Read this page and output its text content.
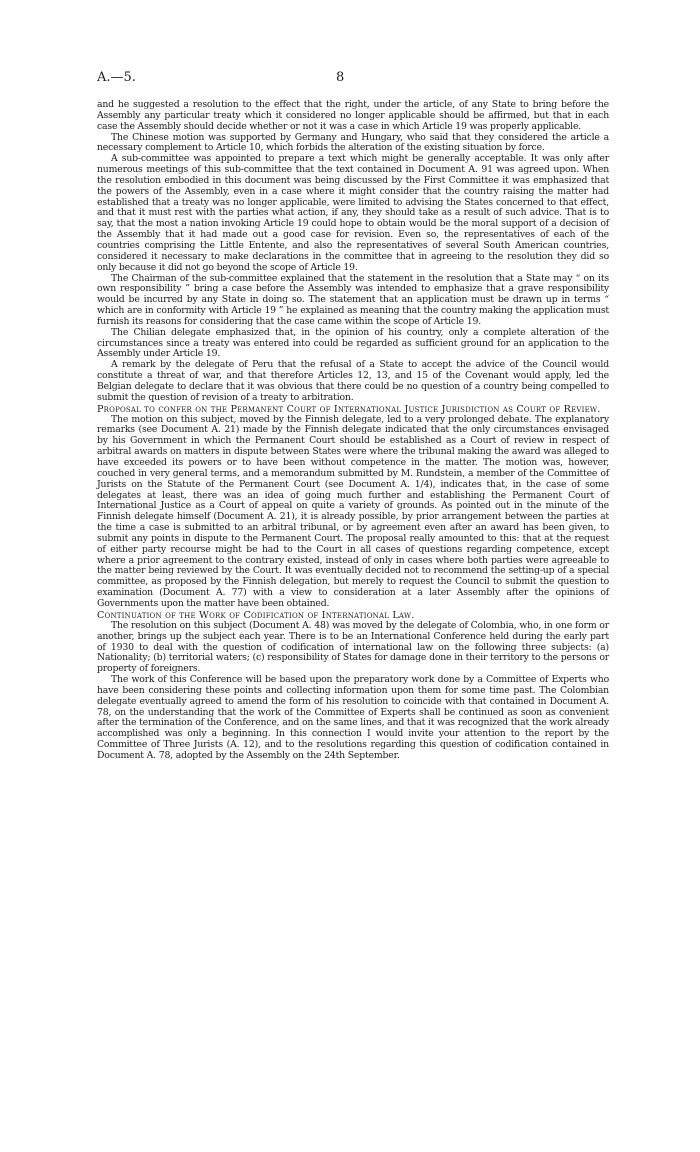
A.—5.	8

and he suggested a resolution to the effect that the right, under the article, of any State to bring before the Assembly any particular treaty which it considered no longer applicable should be affirmed, but that in each case the Assembly should decide whether or not it was a case in which Article 19 was properly applicable.

The Chinese motion was supported by Germany and Hungary, who said that they considered the article a necessary complement to Article 10, which forbids the alteration of the existing situation by force.

A sub-committee was appointed to prepare a text which might be generally acceptable. It was only after numerous meetings of this sub-committee that the text contained in Document A. 91 was agreed upon. When the resolution embodied in this document was being discussed by the First Committee it was emphasized that the powers of the Assembly, even in a case where it might consider that the country raising the matter had established that a treaty was no longer applicable, were limited to advising the States concerned to that effect, and that it must rest with the parties what action, if any, they should take as a result of such advice. That is to say, that the most a nation invoking Article 19 could hope to obtain would be the moral support of a decision of the Assembly that it had made out a good case for revision. Even so, the representatives of each of the countries comprising the Little Entente, and also the representatives of several South American countries, considered it necessary to make declarations in the committee that in agreeing to the resolution they did so only because it did not go beyond the scope of Article 19.

The Chairman of the sub-committee explained that the statement in the resolution that a State may “ on its own responsibility ” bring a case before the Assembly was intended to emphasize that a grave responsibility would be incurred by any State in doing so. The statement that an application must be drawn up in terms “ which are in conformity with Article 19 ” he explained as meaning that the country making the application must furnish its reasons for considering that the case came within the scope of Article 19.

The Chilian delegate emphasized that, in the opinion of his country, only a complete alteration of the circumstances since a treaty was entered into could be regarded as sufficient ground for an application to the Assembly under Article 19.

A remark by the delegate of Peru that the refusal of a State to accept the advice of the Council would constitute a threat of war, and that therefore Articles 12, 13, and 15 of the Covenant would apply, led the Belgian delegate to declare that it was obvious that there could be no question of a country being compelled to submit the question of revision of a treaty to arbitration.

Proposal to confer on the Permanent Court of International Justice Jurisdiction as Court of Review.

The motion on this subject, moved by the Finnish delegate, led to a very prolonged debate. The explanatory remarks (see Document A. 21) made by the Finnish delegate indicated that the only circumstances envisaged by his Government in which the Permanent Court should be established as a Court of review in respect of arbitral awards on matters in dispute between States were where the tribunal making the award was alleged to have exceeded its powers or to have been without competence in the matter. The motion was, however, couched in very general terms, and a memorandum submitted by M. Rundstein, a member of the Committee of Jurists on the Statute of the Permanent Court (see Document A. 1/4), indicates that, in the case of some delegates at least, there was an idea of going much further and establishing the Permanent Court of International Justice as a Court of appeal on quite a variety of grounds. As pointed out in the minute of the Finnish delegate himself (Document A. 21), it is already possible, by prior arrangement between the parties at the time a case is submitted to an arbitral tribunal, or by agreement even after an award has been given, to submit any points in dispute to the Permanent Court. The proposal really amounted to this: that at the request of either party recourse might be had to the Court in all cases of questions regarding competence, except where a prior agreement to the contrary existed, instead of only in cases where both parties were agreeable to the matter being reviewed by the Court. It was eventually decided not to recommend the setting-up of a special committee, as proposed by the Finnish delegation, but merely to request the Council to submit the question to examination (Document A. 77) with a view to consideration at a later Assembly after the opinions of Governments upon the matter have been obtained.

Continuation of the Work of Codification of International Law.

The resolution on this subject (Document A. 48) was moved by the delegate of Colombia, who, in one form or another, brings up the subject each year. There is to be an International Conference held during the early part of 1930 to deal with the question of codification of international law on the following three subjects: (a) Nationality; (b) territorial waters; (c) responsibility of States for damage done in their territory to the persons or property of foreigners.

The work of this Conference will be based upon the preparatory work done by a Committee of Experts who have been considering these points and collecting information upon them for some time past. The Colombian delegate eventually agreed to amend the form of his resolution to coincide with that contained in Document A. 78, on the understanding that the work of the Committee of Experts shall be continued as soon as convenient after the termination of the Conference, and on the same lines, and that it was recognized that the work already accomplished was only a beginning. In this connection I would invite your attention to the report by the Committee of Three Jurists (A. 12), and to the resolutions regarding this question of codification contained in Document A. 78, adopted by the Assembly on the 24th September.
